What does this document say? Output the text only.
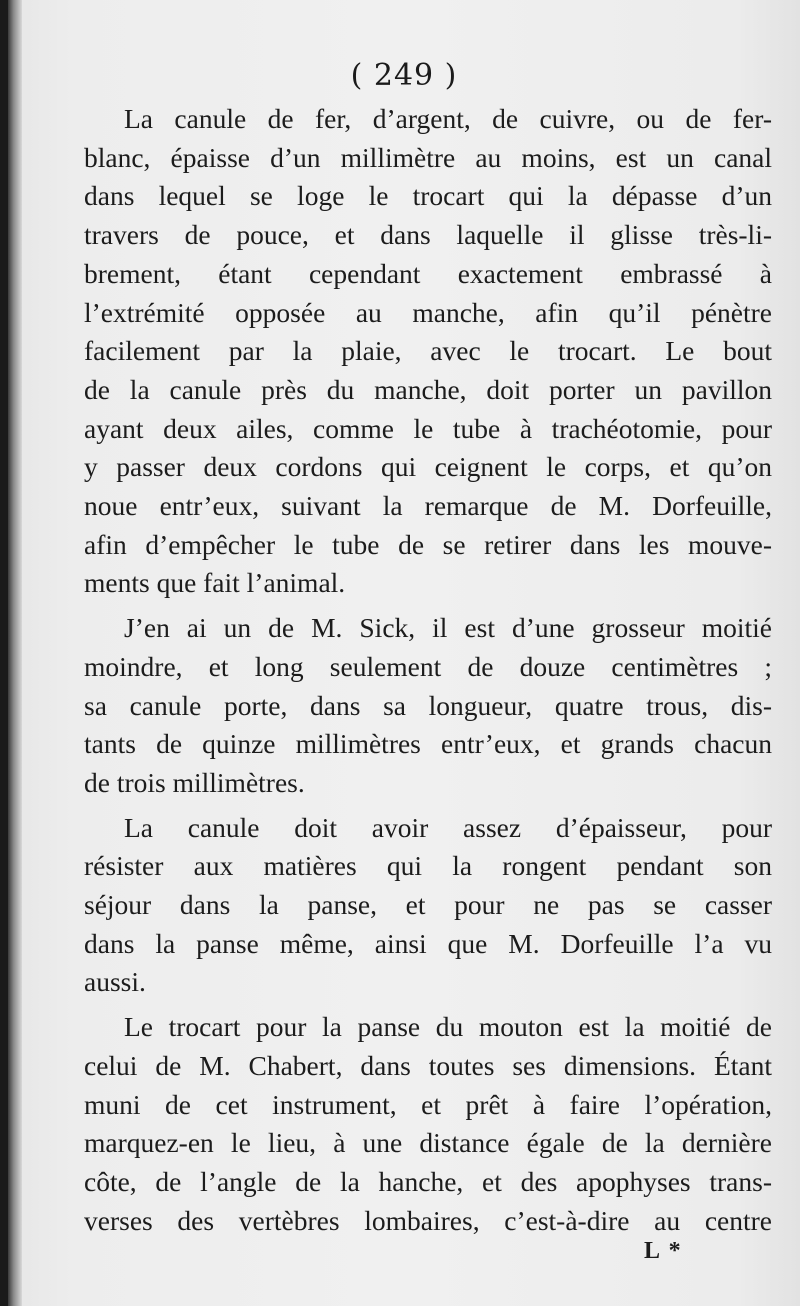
( 249 )

La canule de fer, d’argent, de cuivre, ou de fer-
blanc, épaisse d’un millimètre au moins, est un canal
dans lequel se loge le trocart qui la dépasse d’un
travers de pouce, et dans laquelle il glisse très-li-
brement, étant cependant exactement embrassé à
l’extrémité opposée au manche, afin qu’il pénètre
facilement par la plaie, avec le trocart. Le bout
de la canule près du manche, doit porter un pavillon
ayant deux ailes, comme le tube à trachéotomie, pour
y passer deux cordons qui ceignent le corps, et qu’on
noue entr’eux, suivant la remarque de M. Dorfeuille,
afin d’empêcher le tube de se retirer dans les mouve-
ments que fait l’animal.

J’en ai un de M. Sick, il est d’une grosseur moitié
moindre, et long seulement de douze centimètres ;
sa canule porte, dans sa longueur, quatre trous, dis-
tants de quinze millimètres entr’eux, et grands chacun
de trois millimètres.

La canule doit avoir assez d’épaisseur, pour
résister aux matières qui la rongent pendant son
séjour dans la panse, et pour ne pas se casser
dans la panse même, ainsi que M. Dorfeuille l’a vu
aussi.

Le trocart pour la panse du mouton est la moitié de
celui de M. Chabert, dans toutes ses dimensions. Étant
muni de cet instrument, et prêt à faire l’opération,
marquez-en le lieu, à une distance égale de la dernière
côte, de l’angle de la hanche, et des apophyses trans-
verses des vertèbres lombaires, c’est-à-dire au centre

L *
